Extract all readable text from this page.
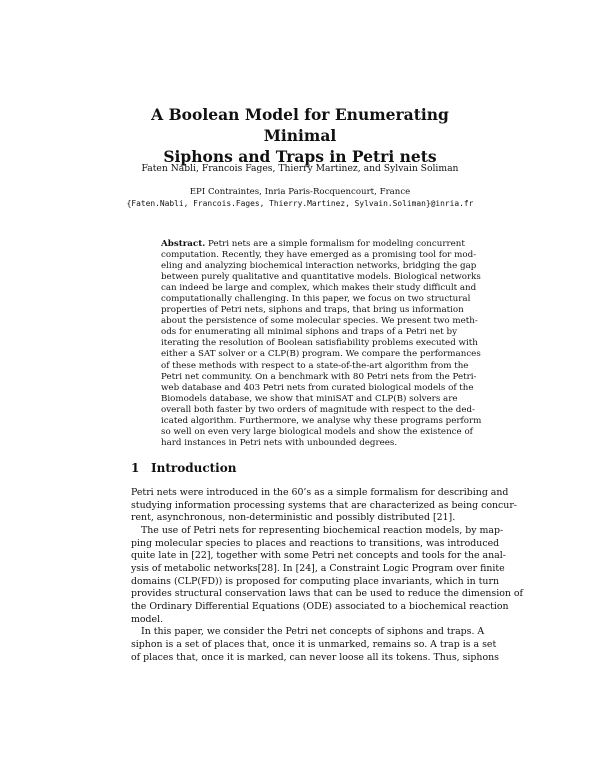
A Boolean Model for Enumerating Minimal
Siphons and Traps in Petri nets
Faten Nabli, Francois Fages, Thierry Martinez, and Sylvain Soliman
EPI Contraintes, Inria Paris-Rocquencourt, France
{Faten.Nabli, Francois.Fages, Thierry.Martinez, Sylvain.Soliman}@inria.fr
Abstract. Petri nets are a simple formalism for modeling concurrent
computation. Recently, they have emerged as a promising tool for mod-
eling and analyzing biochemical interaction networks, bridging the gap
between purely qualitative and quantitative models. Biological networks
can indeed be large and complex, which makes their study difficult and
computationally challenging. In this paper, we focus on two structural
properties of Petri nets, siphons and traps, that bring us information
about the persistence of some molecular species. We present two meth-
ods for enumerating all minimal siphons and traps of a Petri net by
iterating the resolution of Boolean satisfiability problems executed with
either a SAT solver or a CLP(B) program. We compare the performances
of these methods with respect to a state-of-the-art algorithm from the
Petri net community. On a benchmark with 80 Petri nets from the Petri-
web database and 403 Petri nets from curated biological models of the
Biomodels database, we show that miniSAT and CLP(B) solvers are
overall both faster by two orders of magnitude with respect to the ded-
icated algorithm. Furthermore, we analyse why these programs perform
so well on even very large biological models and show the existence of
hard instances in Petri nets with unbounded degrees.
1 Introduction
Petri nets were introduced in the 60’s as a simple formalism for describing and
studying information processing systems that are characterized as being concur-
rent, asynchronous, non-deterministic and possibly distributed [21].
The use of Petri nets for representing biochemical reaction models, by map-
ping molecular species to places and reactions to transitions, was introduced
quite late in [22], together with some Petri net concepts and tools for the anal-
ysis of metabolic networks[28]. In [24], a Constraint Logic Program over finite
domains (CLP(FD)) is proposed for computing place invariants, which in turn
provides structural conservation laws that can be used to reduce the dimension of
the Ordinary Differential Equations (ODE) associated to a biochemical reaction
model.
In this paper, we consider the Petri net concepts of siphons and traps. A
siphon is a set of places that, once it is unmarked, remains so. A trap is a set
of places that, once it is marked, can never loose all its tokens. Thus, siphons
